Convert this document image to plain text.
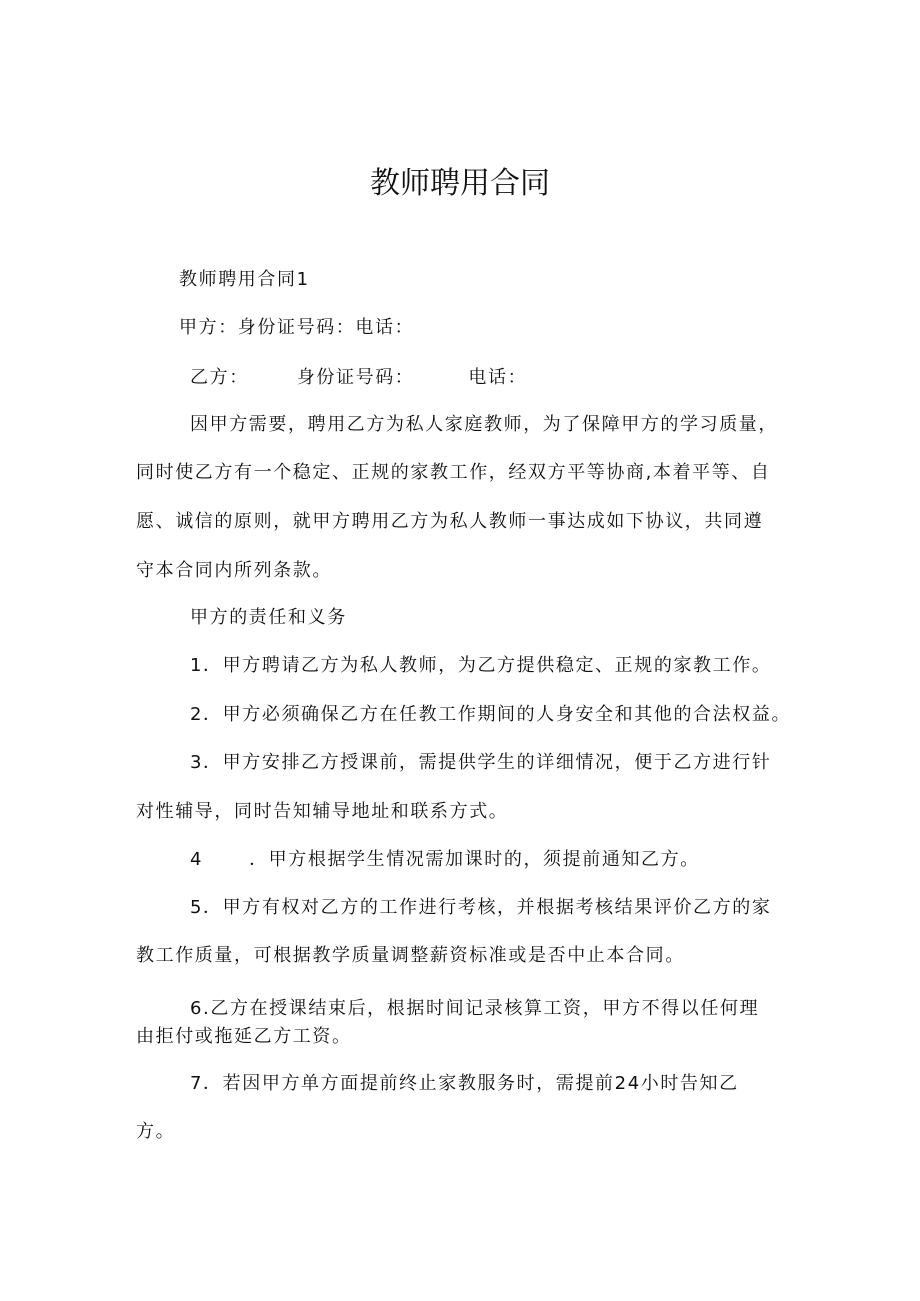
教师聘用合同
教师聘用合同1
甲方：身份证号码：电话：
乙方：	身份证号码：	电话：
因甲方需要，聘用乙方为私人家庭教师，为了保障甲方的学习质量，
同时使乙方有一个稳定、正规的家教工作，经双方平等协商,本着平等、自
愿、诚信的原则，就甲方聘用乙方为私人教师一事达成如下协议，共同遵
守本合同内所列条款。
甲方的责任和义务
1．甲方聘请乙方为私人教师，为乙方提供稳定、正规的家教工作。
2．甲方必须确保乙方在任教工作期间的人身安全和其他的合法权益。
3．甲方安排乙方授课前，需提供学生的详细情况，便于乙方进行针
对性辅导，同时告知辅导地址和联系方式。
4	．甲方根据学生情况需加课时的，须提前通知乙方。
5．甲方有权对乙方的工作进行考核，并根据考核结果评价乙方的家
教工作质量，可根据教学质量调整薪资标准或是否中止本合同。
6.乙方在授课结束后，根据时间记录核算工资，甲方不得以任何理
由拒付或拖延乙方工资。
7．若因甲方单方面提前终止家教服务时，需提前24小时告知乙
方。
